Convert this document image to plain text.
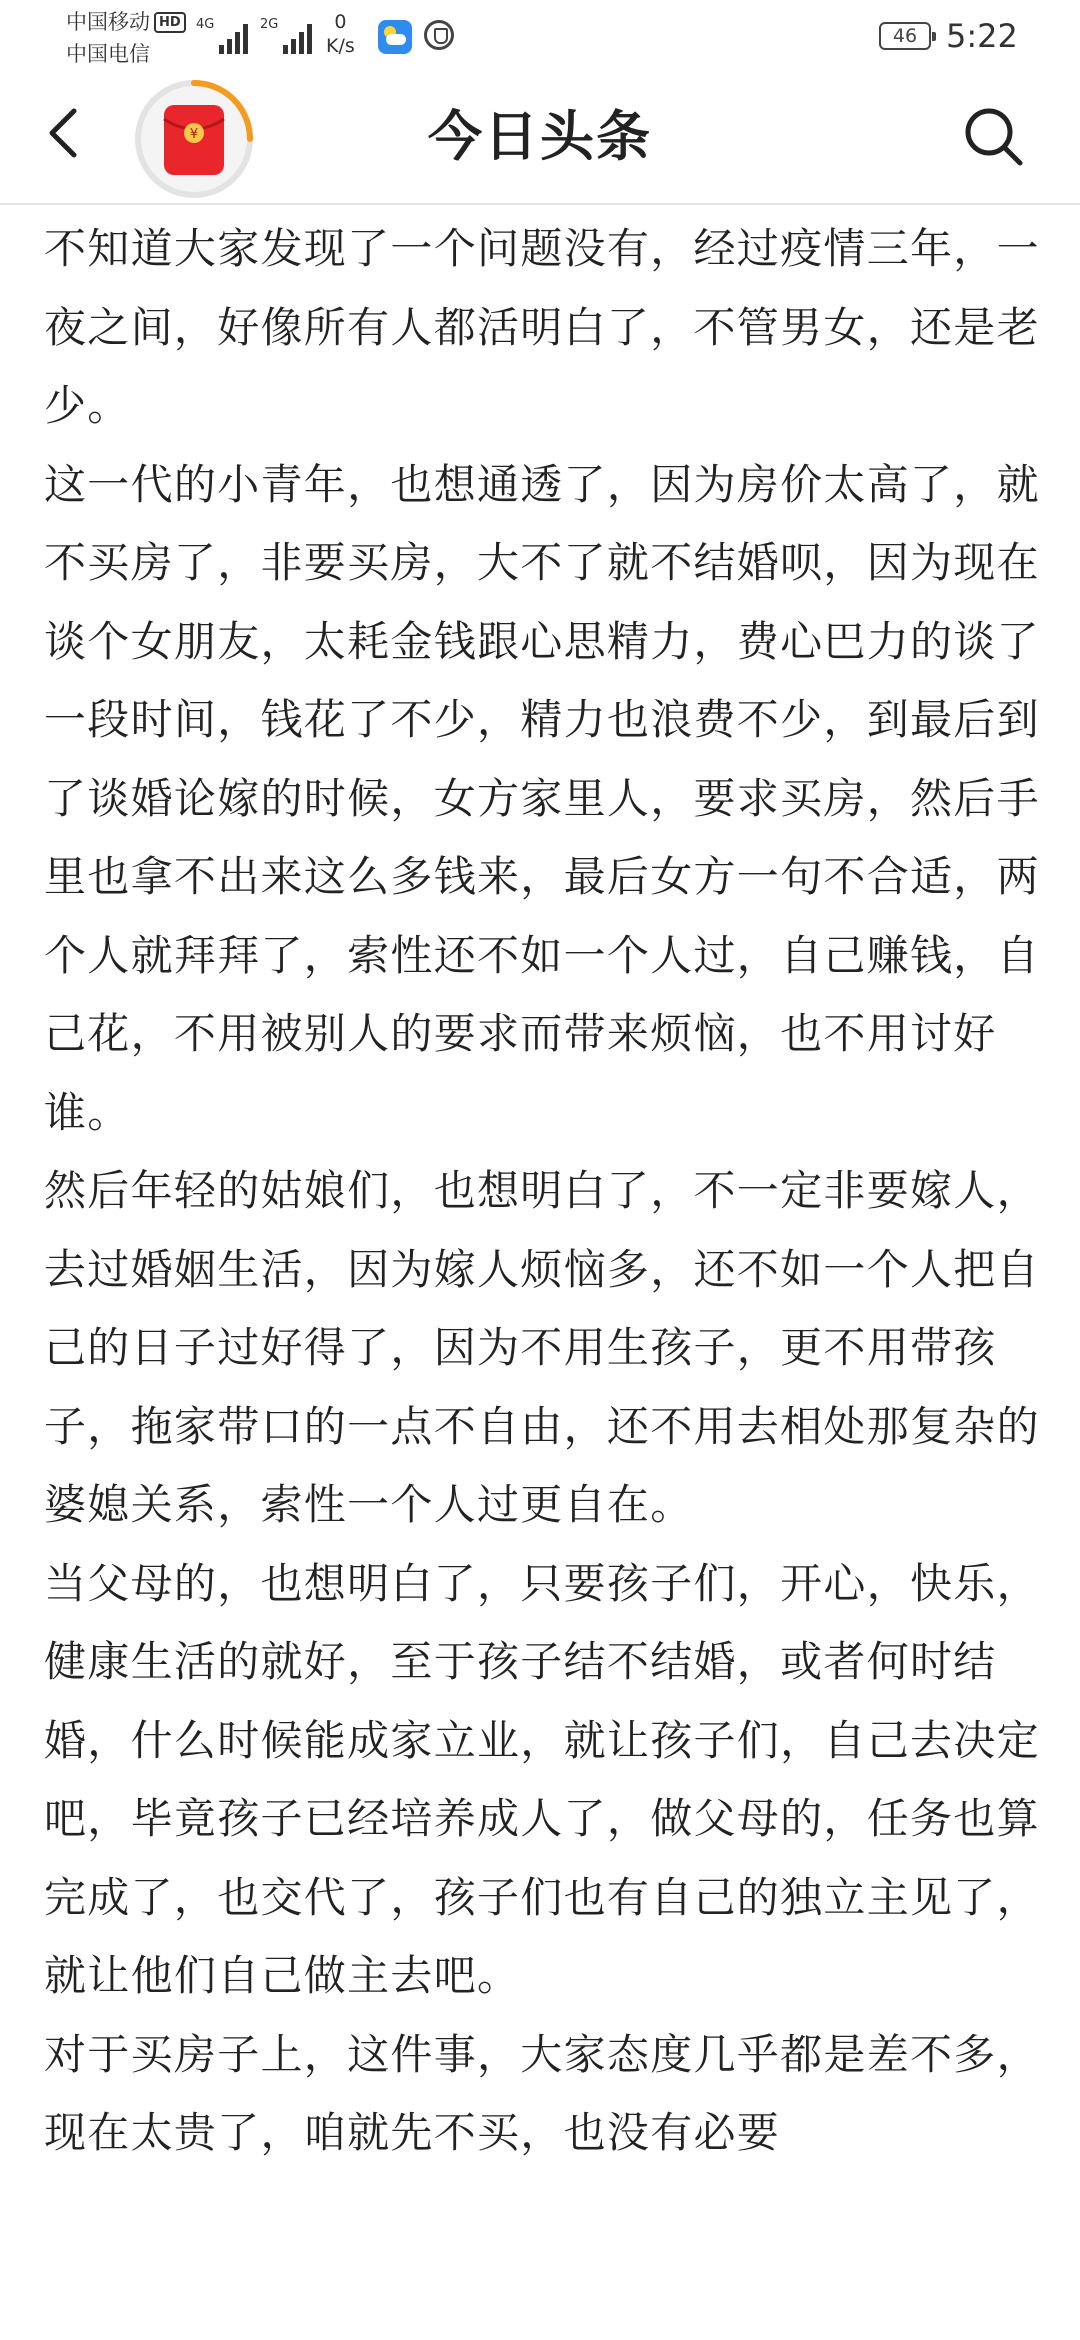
中国移动 HD
中国电信
4G	2G	0
K/s	46 5:22
¥	今日头条

不知道大家发现了一个问题没有，经过疫情三年，一夜之间，好像所有人都活明白了，不管男女，还是老少。

这一代的小青年，也想通透了，因为房价太高了，就不买房了，非要买房，大不了就不结婚呗，因为现在谈个女朋友，太耗金钱跟心思精力，费心巴力的谈了一段时间，钱花了不少，精力也浪费不少，到最后到了谈婚论嫁的时候，女方家里人，要求买房，然后手里也拿不出来这么多钱来，最后女方一句不合适，两个人就拜拜了，索性还不如一个人过，自己赚钱，自己花，不用被别人的要求而带来烦恼，也不用讨好谁。

然后年轻的姑娘们，也想明白了，不一定非要嫁人，去过婚姻生活，因为嫁人烦恼多，还不如一个人把自己的日子过好得了，因为不用生孩子，更不用带孩子，拖家带口的一点不自由，还不用去相处那复杂的婆媳关系，索性一个人过更自在。

当父母的，也想明白了，只要孩子们，开心，快乐，健康生活的就好，至于孩子结不结婚，或者何时结婚，什么时候能成家立业，就让孩子们，自己去决定吧，毕竟孩子已经培养成人了，做父母的，任务也算完成了，也交代了，孩子们也有自己的独立主见了，就让他们自己做主去吧。

对于买房子上，这件事，大家态度几乎都是差不多，现在太贵了，咱就先不买，也没有必要
